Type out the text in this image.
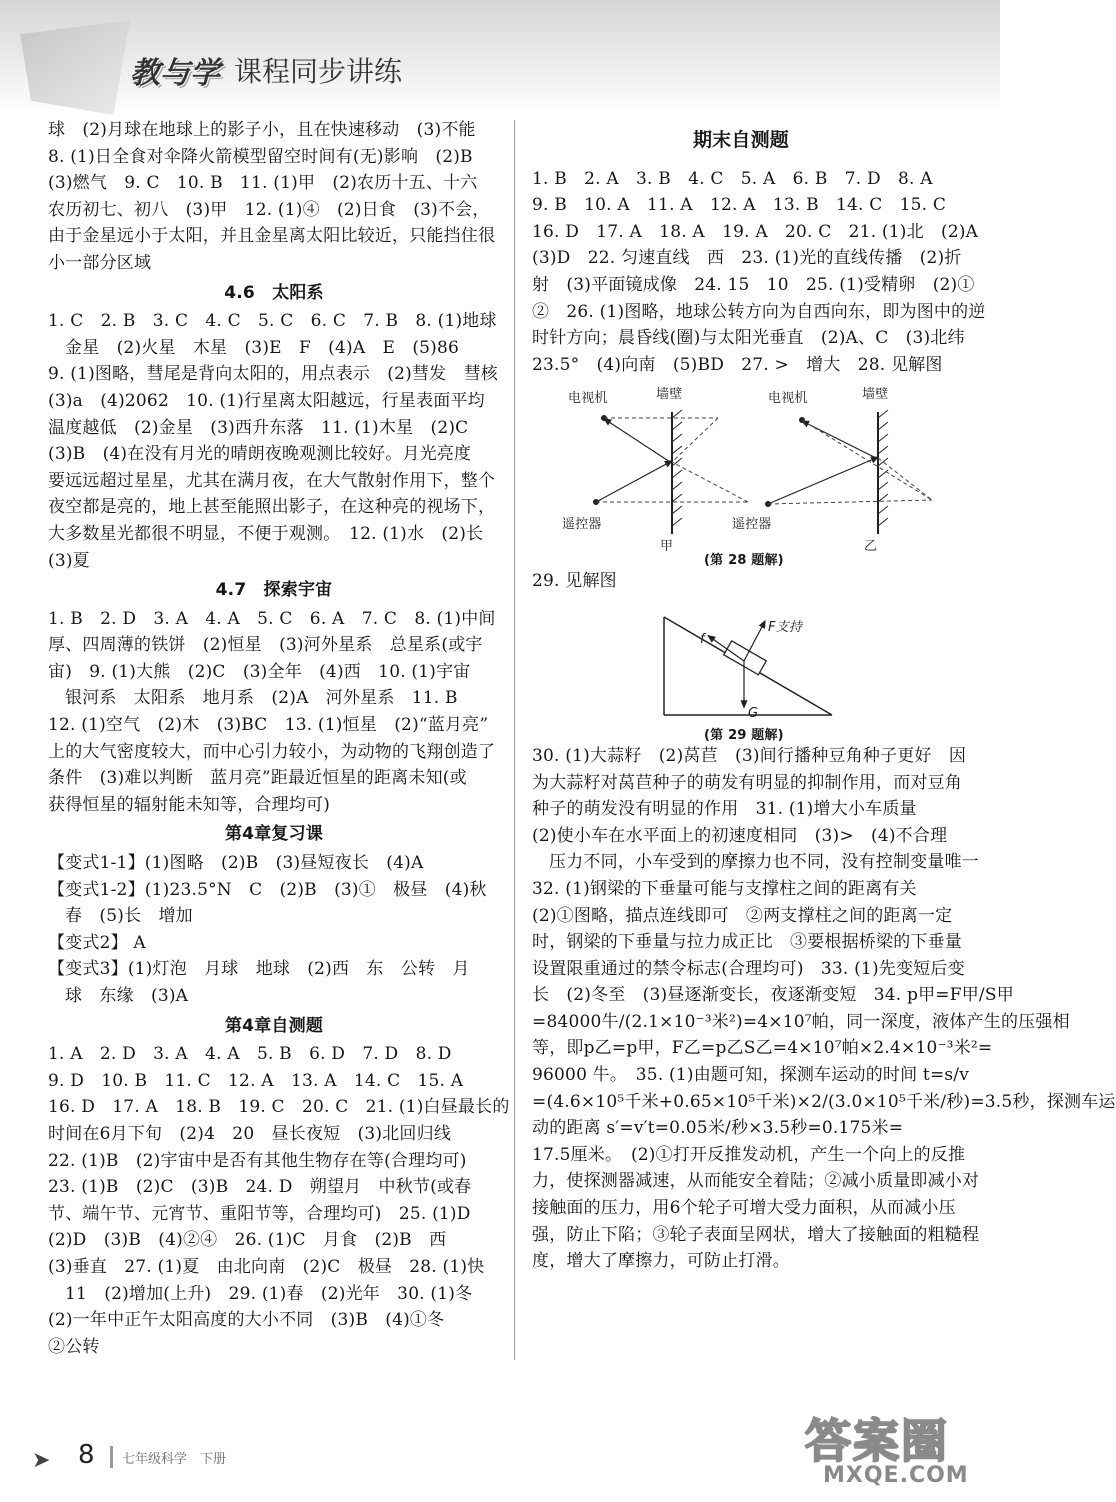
教与学 课程同步讲练
球　(2)月球在地球上的影子小，且在快速移动　(3)不能
8. (1)日全食对伞降火箭模型留空时间有(无)影响　(2)B
(3)燃气　9. C　10. B　11. (1)甲　(2)农历十五、十六
农历初七、初八　(3)甲　12. (1)④　(2)日食　(3)不会，
由于金星远小于太阳，并且金星离太阳比较近，只能挡住很
小一部分区域
4.6　太阳系
1. C　2. B　3. C　4. C　5. C　6. C　7. B　8. (1)地球
金星　(2)火星　木星　(3)E　F　(4)A　E　(5)86
9. (1)图略，彗尾是背向太阳的，用点表示　(2)彗发　彗核
(3)a　(4)2062　10. (1)行星离太阳越远，行星表面平均
温度越低　(2)金星　(3)西升东落　11. (1)木星　(2)C
(3)B　(4)在没有月光的晴朗夜晚观测比较好。月光亮度
要远远超过星星，尤其在满月夜，在大气散射作用下，整个
夜空都是亮的，地上甚至能照出影子，在这种亮的视场下，
大多数星光都很不明显，不便于观测。　12. (1)水　(2)长
(3)夏
4.7　探索宇宙
1. B　2. D　3. A　4. A　5. C　6. A　7. C　8. (1)中间
厚、四周薄的铁饼　(2)恒星　(3)河外星系　总星系(或宇
宙)　9. (1)大熊　(2)C　(3)全年　(4)西　10. (1)宇宙
银河系　太阳系　地月系　(2)A　河外星系　11. B
12. (1)空气　(2)木　(3)BC　13. (1)恒星　(2)“蓝月亮”
上的大气密度较大，而中心引力较小，为动物的飞翔创造了
条件　(3)难以判断　蓝月亮”距最近恒星的距离未知(或
获得恒星的辐射能未知等，合理均可)
第4章复习课
【变式1-1】(1)图略　(2)B　(3)昼短夜长　(4)A
【变式1-2】(1)23.5°N　C　(2)B　(3)①　极昼　(4)秋
春　(5)长　增加
【变式2】 A
【变式3】(1)灯泡　月球　地球　(2)西　东　公转　月
球　东缘　(3)A
第4章自测题
1. A　2. D　3. A　4. A　5. B　6. D　7. D　8. D
9. D　10. B　11. C　12. A　13. A　14. C　15. A
16. D　17. A　18. B　19. C　20. C　21. (1)白昼最长的
时间在6月下旬　(2)4　20　昼长夜短　(3)北回归线
22. (1)B　(2)宇宙中是否有其他生物存在等(合理均可)
23. (1)B　(2)C　(3)B　24. D　朔望月　中秋节(或春
节、端午节、元宵节、重阳节等，合理均可)　25. (1)D
(2)D　(3)B　(4)②④　26. (1)C　月食　(2)B　西
(3)垂直　27. (1)夏　由北向南　(2)C　极昼　28. (1)快
11　(2)增加(上升)　29. (1)春　(2)光年　30. (1)冬
(2)一年中正午太阳高度的大小不同　(3)B　(4)①冬
②公转
期末自测题
1. B　2. A　3. B　4. C　5. A　6. B　7. D　8. A
9. B　10. A　11. A　12. A　13. B　14. C　15. C
16. D　17. A　18. A　19. A　20. C　21. (1)北　(2)A
(3)D　22. 匀速直线　西　23. (1)光的直线传播　(2)折
射　(3)平面镜成像　24. 15　10　25. (1)受精卵　(2)①
②　26. (1)图略，地球公转方向为自西向东，即为图中的逆
时针方向；晨昏线(圈)与太阳光垂直　(2)A、C　(3)北纬
23.5°　(4)向南　(5)BD　27. >　增大　28. 见解图
电视机	墙壁
遥控器
甲
电视机	墙壁
遥控器
乙
(第 28 题解)
29. 见解图
F支持
f
G
(第 29 题解)
30. (1)大蒜籽　(2)莴苣　(3)间行播种豆角种子更好　因
为大蒜籽对莴苣种子的萌发有明显的抑制作用，而对豆角
种子的萌发没有明显的作用　31. (1)增大小车质量
(2)使小车在水平面上的初速度相同　(3)>　(4)不合理
压力不同，小车受到的摩擦力也不同，没有控制变量唯一
32. (1)钢梁的下垂量可能与支撑柱之间的距离有关
(2)①图略，描点连线即可　②两支撑柱之间的距离一定
时，钢梁的下垂量与拉力成正比　③要根据桥梁的下垂量
设置限重通过的禁令标志(合理均可)　33. (1)先变短后变
长　(2)冬至　(3)昼逐渐变长，夜逐渐变短　34. p甲=F甲/S甲
=84000牛/(2.1×10⁻³米²)=4×10⁷帕，同一深度，液体产生的压强相
等，即p乙=p甲，F乙=p乙S乙=4×10⁷帕×2.4×10⁻³米²=
96000 牛。　35. (1)由题可知，探测车运动的时间 t=s/v
=(4.6×10⁵千米+0.65×10⁵千米)×2/(3.0×10⁵千米/秒)=3.5秒，探测车运
动的距离 s′=v′t=0.05米/秒×3.5秒=0.175米=
17.5厘米。　(2)①打开反推发动机，产生一个向上的反推
力，使探测器减速，从而能安全着陆；②减小质量即减小对
接触面的压力，用6个轮子可增大受力面积，从而减小压
强，防止下陷；③轮子表面呈网状，增大了接触面的粗糙程
度，增大了摩擦力，可防止打滑。
➤ 8 七年级科学　下册	答案圈
MXQE.COM
